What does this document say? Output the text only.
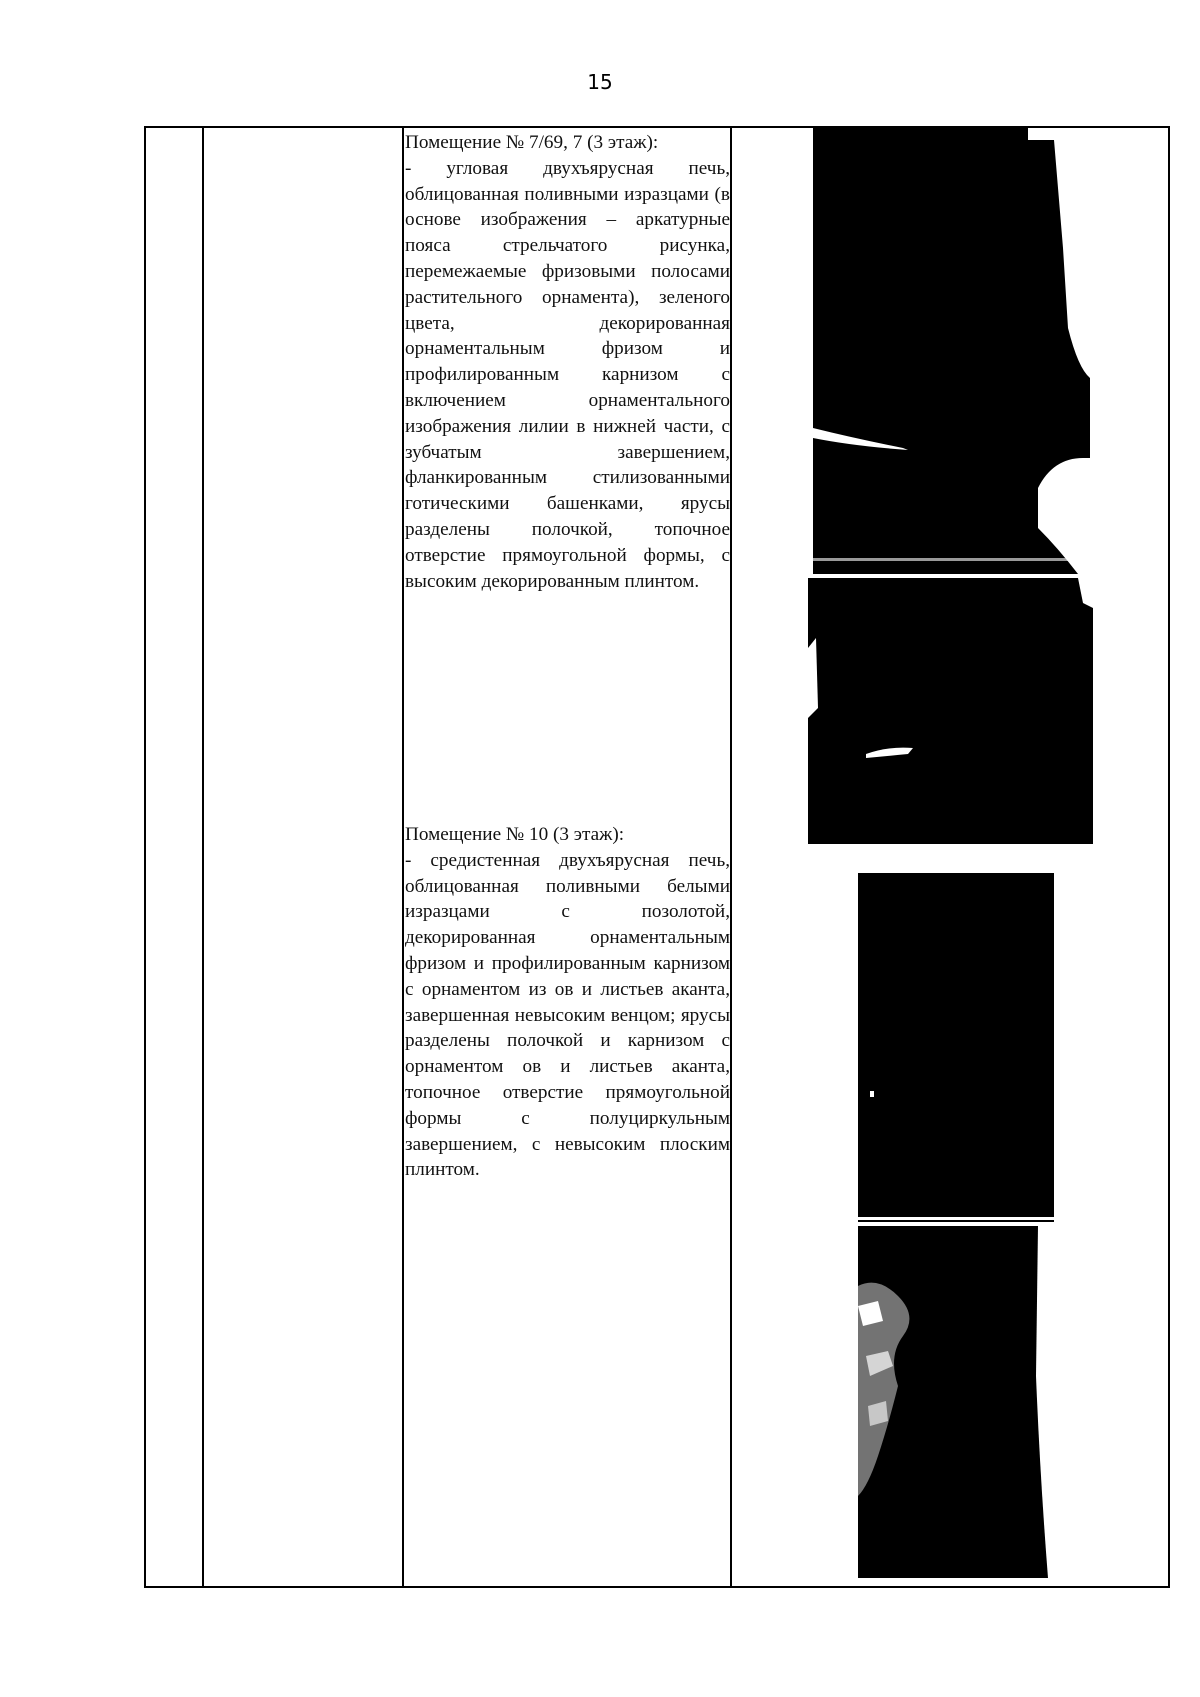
15

Помещение № 7/69, 7 (3 этаж):

- угловая двухъярусная печь, облицованная поливными изразцами (в основе изображения – аркатурные пояса стрельчатого рисунка, перемежаемые фризовыми полосами растительного орнамента), зеленого цвета, декорированная орнаментальным фризом и профилированным карнизом с включением орнаментального изображения лилии в нижней части, с зубчатым завершением, фланкированным стилизованными готическими башенками, ярусы разделены полочкой, топочное отверстие прямоугольной формы, с высоким декорированным плинтом.

Помещение № 10 (3 этаж):

- средистенная двухъярусная печь, облицованная поливными белыми изразцами с позолотой, декорированная орнаментальным фризом и профилированным карнизом с орнаментом из ов и листьев аканта, завершенная невысоким венцом; ярусы разделены полочкой и карнизом с орнаментом ов и листьев аканта, топочное отверстие прямоугольной формы с полуциркульным завершением, с невысоким плоским плинтом.
